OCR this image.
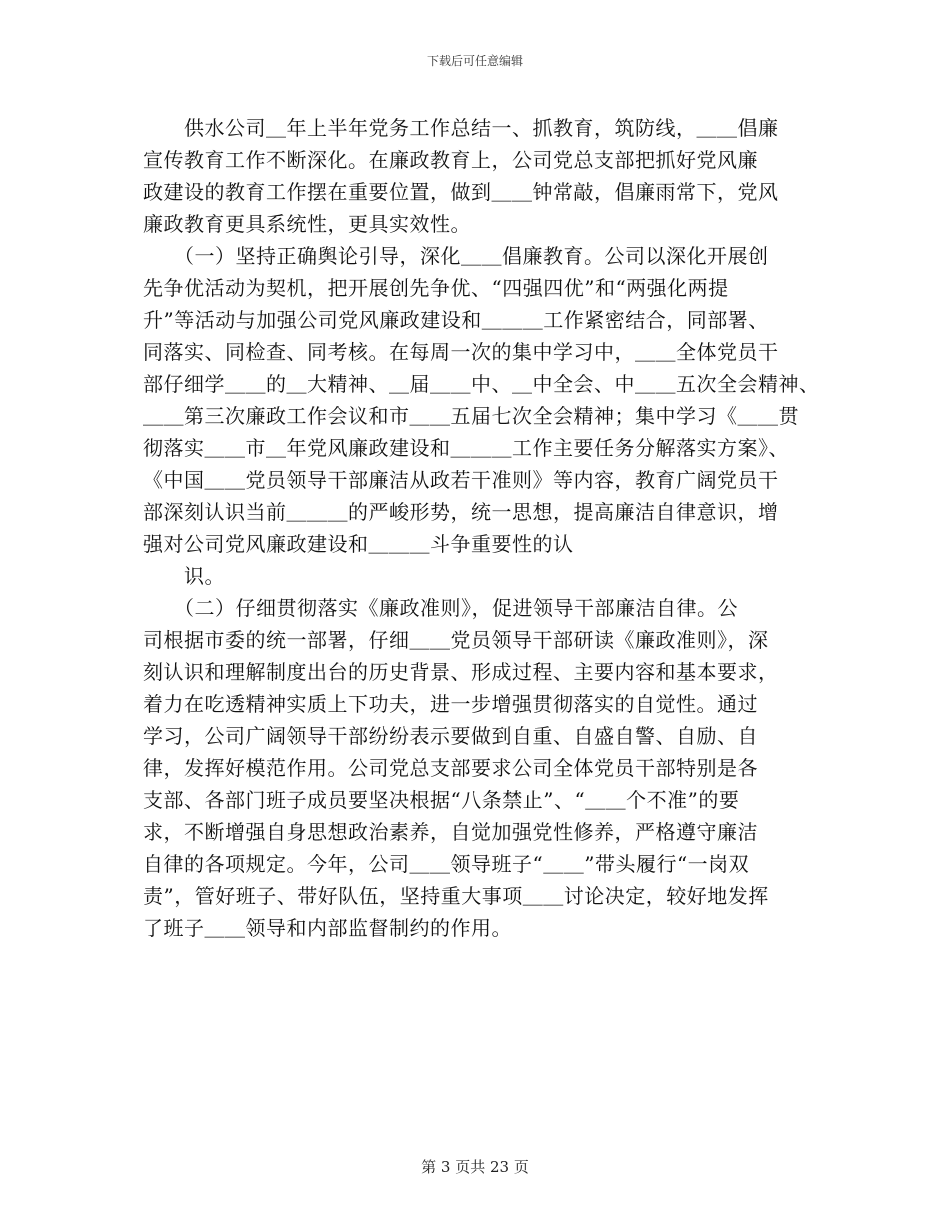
下载后可任意编辑
　　供水公司＿年上半年党务工作总结一、抓教育，筑防线，＿＿倡廉
宣传教育工作不断深化。在廉政教育上，公司党总支部把抓好党风廉
政建设的教育工作摆在重要位置，做到＿＿钟常敲，倡廉雨常下，党风
廉政教育更具系统性，更具实效性。
　　（一）坚持正确舆论引导，深化＿＿倡廉教育。公司以深化开展创
先争优活动为契机，把开展创先争优、“四强四优”和“两强化两提
升”等活动与加强公司党风廉政建设和＿＿＿工作紧密结合，同部署、
同落实、同检查、同考核。在每周一次的集中学习中，＿＿全体党员干
部仔细学＿＿的＿大精神、＿届＿＿中、＿中全会、中＿＿五次全会精神、
＿＿第三次廉政工作会议和市＿＿五届七次全会精神；集中学习《＿＿贯
彻落实＿＿市＿年党风廉政建设和＿＿＿工作主要任务分解落实方案》、
《中国＿＿党员领导干部廉洁从政若干准则》等内容，教育广阔党员干
部深刻认识当前＿＿＿的严峻形势，统一思想，提高廉洁自律意识，增
强对公司党风廉政建设和＿＿＿斗争重要性的认
　　识。
　　（二）仔细贯彻落实《廉政准则》，促进领导干部廉洁自律。公
司根据市委的统一部署，仔细＿＿党员领导干部研读《廉政准则》，深
刻认识和理解制度出台的历史背景、形成过程、主要内容和基本要求，
着力在吃透精神实质上下功夫，进一步增强贯彻落实的自觉性。通过
学习，公司广阔领导干部纷纷表示要做到自重、自盛自警、自励、自
律，发挥好模范作用。公司党总支部要求公司全体党员干部特别是各
支部、各部门班子成员要坚决根据“八条禁止”、“＿＿个不准”的要
求，不断增强自身思想政治素养，自觉加强党性修养，严格遵守廉洁
自律的各项规定。今年，公司＿＿领导班子“＿＿”带头履行“一岗双
责”，管好班子、带好队伍，坚持重大事项＿＿讨论决定，较好地发挥
了班子＿＿领导和内部监督制约的作用。
第 3 页共 23 页
